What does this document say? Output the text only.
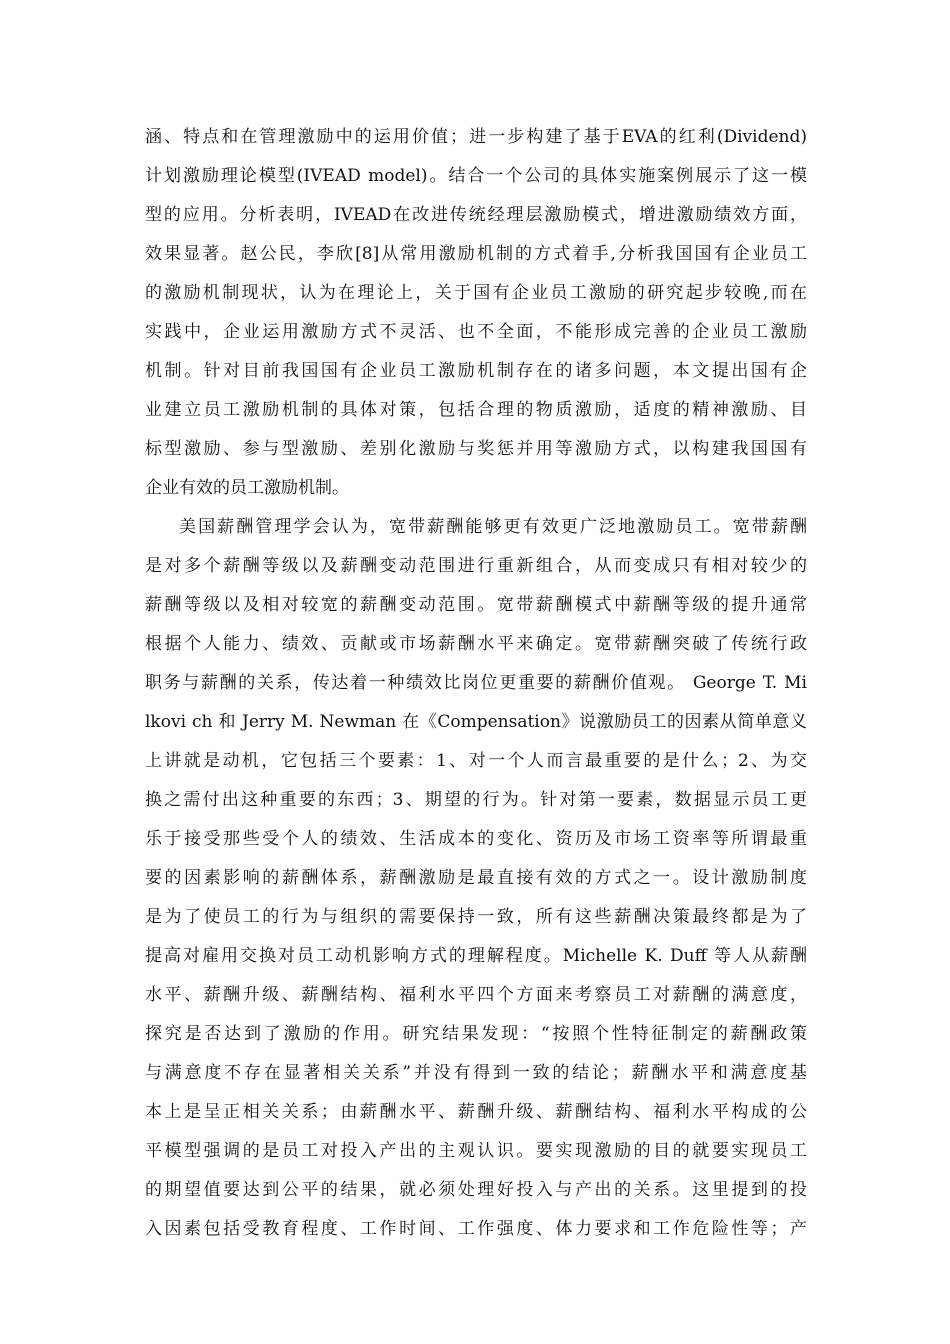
涵、特点和在管理激励中的运用价值；进一步构建了基于EVA的红利(Dividend)
计划激励理论模型(IVEAD model)。结合一个公司的具体实施案例展示了这一模
型的应用。分析表明，IVEAD在改进传统经理层激励模式，增进激励绩效方面，
效果显著。赵公民，李欣[8]从常用激励机制的方式着手,分析我国国有企业员工
的激励机制现状，认为在理论上，关于国有企业员工激励的研究起步较晚,而在
实践中，企业运用激励方式不灵活、也不全面，不能形成完善的企业员工激励
机制。针对目前我国国有企业员工激励机制存在的诸多问题，本文提出国有企
业建立员工激励机制的具体对策，包括合理的物质激励，适度的精神激励、目
标型激励、参与型激励、差别化激励与奖惩并用等激励方式，以构建我国国有
企业有效的员工激励机制。
美国薪酬管理学会认为，宽带薪酬能够更有效更广泛地激励员工。宽带薪酬
是对多个薪酬等级以及薪酬变动范围进行重新组合，从而变成只有相对较少的
薪酬等级以及相对较宽的薪酬变动范围。宽带薪酬模式中薪酬等级的提升通常
根据个人能力、绩效、贡献或市场薪酬水平来确定。宽带薪酬突破了传统行政
职务与薪酬的关系，传达着一种绩效比岗位更重要的薪酬价值观。 George T. Mi
lkovi ch 和 Jerry M. Newman 在《Compensation》说激励员工的因素从简单意义
上讲就是动机，它包括三个要素：1、对一个人而言最重要的是什么；2、为交
换之需付出这种重要的东西；3、期望的行为。针对第一要素，数据显示员工更
乐于接受那些受个人的绩效、生活成本的变化、资历及市场工资率等所谓最重
要的因素影响的薪酬体系，薪酬激励是最直接有效的方式之一。设计激励制度
是为了使员工的行为与组织的需要保持一致，所有这些薪酬决策最终都是为了
提高对雇用交换对员工动机影响方式的理解程度。Michelle K. Duff 等人从薪酬
水平、薪酬升级、薪酬结构、福利水平四个方面来考察员工对薪酬的满意度，
探究是否达到了激励的作用。研究结果发现：“按照个性特征制定的薪酬政策
与满意度不存在显著相关关系”并没有得到一致的结论；薪酬水平和满意度基
本上是呈正相关关系；由薪酬水平、薪酬升级、薪酬结构、福利水平构成的公
平模型强调的是员工对投入产出的主观认识。要实现激励的目的就要实现员工
的期望值要达到公平的结果，就必须处理好投入与产出的关系。这里提到的投
入因素包括受教育程度、工作时间、工作强度、体力要求和工作危险性等；产
